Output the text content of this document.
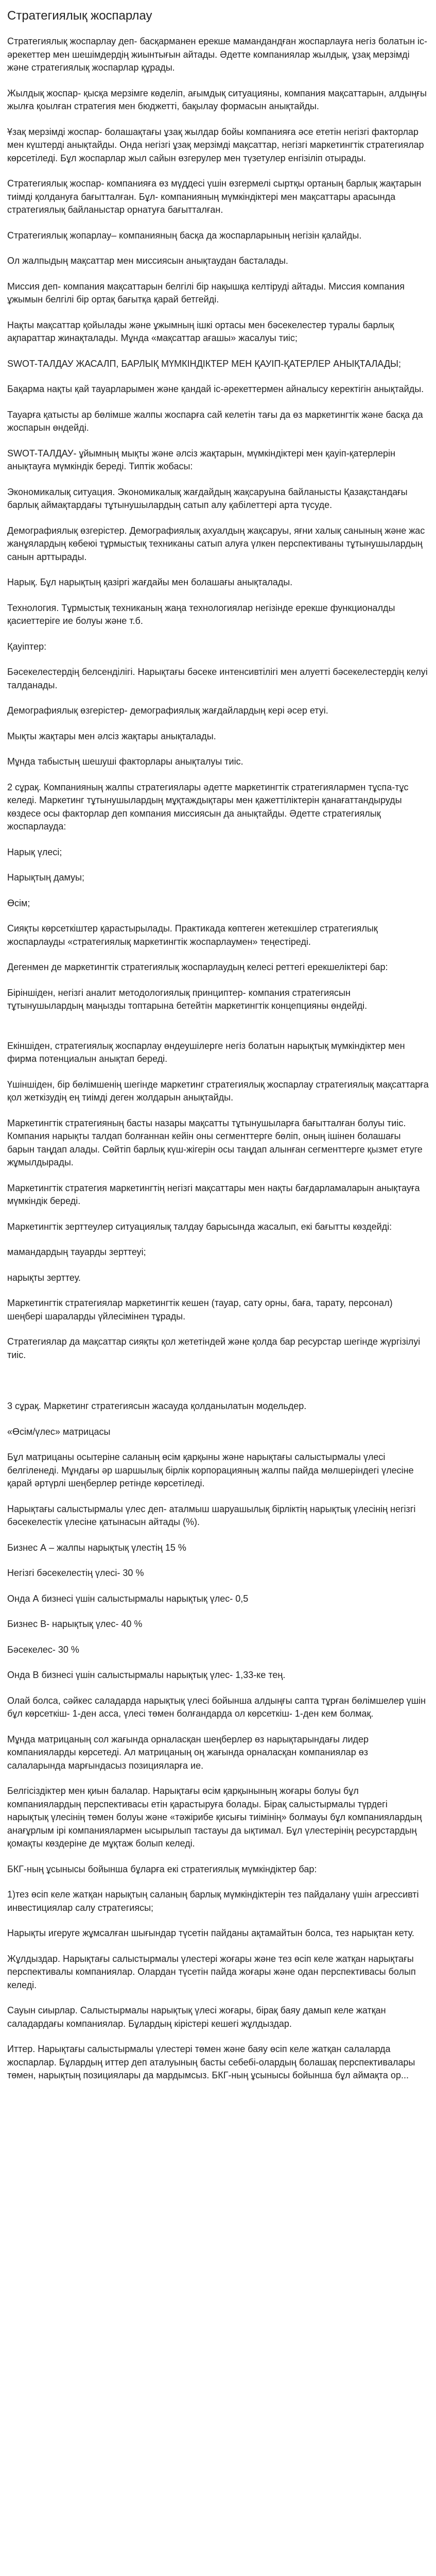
Стратегиялық жоспарлау

Стратегиялық жоспарлау деп- басқарманен ерекше мамандандған жоспарлауға негіз болатын іс-әрекеттер мен шешімдердің жиынтығын айтады. Әдетте компаниялар жылдық, ұзақ мерзімді және стратегиялық жоспарлар құрады.

Жылдық жоспар- қысқа мерзімге көделіп, ағымдық ситуацияны, компания мақсаттарын, алдыңғы жылға қоылған стратегия мен бюджеттi, бақылау формасын анықтайды.

Ұзақ мерзімді жоспар- болашақтағы ұзақ жылдар бойы компанияға әсе ететін негізгі факторлар мен күштердi анықтайды. Онда негізгі ұзақ мерзімді мақсаттар, негізгі маркетингтік стратегиялар көрсетіледі. Бұл жоспарлар жыл сайын өзгерулер мен түзетулер енгізіліп отырады.

Стратегиялық жоспар- компанияға өз мүддесі үшін өзгермелі сыртқы ортаның барлық жақтарын тиімді қолдануға бағытталған. Бұл- компанияның мүмкіндіктері мен мақсаттары арасында стратегиялық байланыстар орнатуға бағытталған.

Стратегиялық жопарлау– компанияның басқа да жоспарларының негізін қалайды.

Ол жалпыдың мақсаттар мен миссиясын анықтаудан басталады.

Миссия деп- компания мақсаттарын белгілі бір нақышқа келтірудi айтады. Миссия компания ұжымын белгілі бір ортақ бағытқа қарай бетгейді.

Нақты мақсаттар қойылады және ұжымның ішкі ортасы мен бәсекелестер туралы барлық ақпараттар жинақталады. Мұнда «мақсаттар ағашы» жасалуы тиіс;

SWOT-ТАЛДАУ ЖАСАЛП, БАРЛЫҚ МҮМКІНДІКТЕР МЕН ҚАУІП-ҚАТЕРЛЕР АНЫҚТАЛАДЫ;

Бақарма нақты қай тауарларымен және қандай іс-әрекеттермен айналысу керектігін анықтайды.

Тауарға қатысты ар бөлімше жалпы жоспарға сай келетін тағы да өз маркетингтік және басқа да жоспарын өндейді.

SWOT-ТАЛДАУ- ұйымның мықты және әлсіз жақтарын, мүмкіндіктері мен қауіп-қатерлерін анықтауға мүмкіндік береді. Типтік жобасы:

Экономикалық ситуация. Экономикалық жағдайдың жақсаруына байланысты Қазақстандағы барлық аймақтардағы тұтынушылардың сатып алу қабілеттері арта түсуде.

Демографиялық өзгерістер. Демографиялық ахуалдың жақсаруы, яғни халық санының және жас жанұялардың көбеюі тұрмыстық техниканы сатып алуға үлкен перспективаны тұтынушылардың санын арттырады.

Нарық. Бұл нарықтың қазіргі жағдайы мен болашағы анықталады.

Технология. Тұрмыстық техниканың жаңа технологиялар негізінде ерекше функционалды қасиеттеріге ие болуы және т.б.

Қауіптер:

Бәсекелестердің белсенділігі. Нарықтағы бәсеке интенсивтілігі мен алуетті бәсекелестердің келуі талданады.

Демографиялық өзгерістер- демографиялық жағдайлардың кері әсер етуі.

Мықты жақтары мен әлсіз жақтары анықталады.

Мұнда табыстың шешуші факторлары анықталуы тиіс.

2 сұрақ. Компанияның жалпы стратегиялары әдетте маркетингтік стратегиялармен тұспа-тұс келеді. Маркетинг тұтынушылардың мұқтаждықтары мен қажеттіліктерін қанағаттандыруды көздесе осы факторлар деп компания миссиясын да анықтайды. Әдетте стратегиялық жоспарлауда:

Нарық үлесі;

Нарықтың дамуы;

Өсім;

Сияқты көрсеткіштер қарастырылады. Практикада көптеген жетекшілер стратегиялық жоспарлауды «стратегиялық маркетингтік жоспарлаумен» теңестіреді.

Дегенмен де маркетингтік стратегиялық жоспарлаудың келесі реттегі ерекшеліктері бар:

Біріншіден, негізгі аналит методологиялық принциптер- компания стратегиясын тұтынушылардың маңызды топтарына бетейтін маркетингтік концепцияны өндейді.

Екіншіден, стратегиялық жоспарлау өндеушілерге негіз болатын нарықтық мүмкіндіктер мен фирма потенциалын анықтап береді.

Үшіншіден, бір бөлімшенің шегінде маркетинг стратегиялық жоспарлау стратегиялық мақсаттарға қол жеткізудің ең тиімді деген жолдарын анықтайды.

Маркетингтік стратегияның басты назары мақсатты тұтынушыларға бағытталған болуы тиіс. Компания нарықты талдап болғаннан кейін оны сегменттерге бөліп, оның ішінен болашағы барын таңдап алады. Сөйтіп барлық күш-жігерін осы таңдап алынған сегменттерге қызмет етуге жұмылдырады.

Маркетингтік стратегия маркетингтің негізгі мақсаттары мен нақты бағдарламаларын анықтауға мүмкіндік береді.

Маркетингтік зерттеулер ситуациялық талдау барысында жасалып, екі бағытты көздейді:

мамандардың тауарды зерттеуі;

нарықты зерттеу.

Маркетингтік стратегиялар маркетингтік кешен (тауар, сату орны, баға, тарату, персонал) шеңбері шараларды үйлесімінен тұрады.

Стратегиялар да мақсаттар сияқты қол жететіндей және қолда бар ресурстар шегінде жүргізілуі тиіс.

3 сұрақ. Маркетинг стратегиясын жасауда қолданылатын модельдер.

«Өсім/үлес» матрицасы

Бұл матрицаны осытерiне саланың өсім қарқыны және нарықтағы салыстырмалы үлесі белгiленеді. Мұндағы әр шаршылық бiрлiк корпорацияның жалпы пайда мөлшеріндегі үлесіне қарай әртүрлі шеңберлер ретінде көрсетіледі.

Нарықтағы салыстырмалы үлес деп- аталмыш шаруашылық бiрлiктiң нарықтық үлесiнiң негізгi бәсекелестiк үлесіне қатынасын айтады (%).

Бизнес А – жалпы нарықтық үлестің 15 %

Негізгі бәсекелестің үлесі- 30 %

Онда А бизнесі үшін салыстырмалы нарықтық үлес- 0,5

Бизнес В- нарықтық үлес- 40 %

Бәсекелес- 30 %

Онда В бизнесі үшін салыстырмалы нарықтық үлес- 1,33-ке тең.

Олай болса, сәйкес саладарда нарықтық үлесі бойынша алдыңғы сапта тұрған бөлімшелер үшін бұл көрсеткіш- 1-ден асса, үлесі төмен болғандарда ол көрсеткіш- 1-ден кем болмақ.

Мұнда матрицаның сол жағында орналасқан шеңберлер өз нарықтарындағы лидер компанияларды көрсетеді. Ал матрицаның оң жағында орналасқан компаниялар өз салаларында марғындасыз позицияларға ие.

Белгісіздіктер мен қиын балалар. Нарықтағы өсім қарқынының жоғары болуы бұл компаниялардың перспективасы етiн қарастыруға болады. Бiрақ салыстырмалы түрдегі нарықтық үлесінің төмен болуы және «тәжірибе қисығы тиімінің» болмауы бұл компаниялардың анағұрлым iрi компаниялармен ысырылып тастауы да ықтимал. Бұл үлестерiнiң ресурстардың қомақты көздерiне де мұқтаж болып келеді.

БКГ-ның ұсынысы бойынша бұларға екі стратегиялық мүмкіндіктер бар:

1)тез өсіп келе жатқан нарықтың саланың барлық мүмкіндіктерін тез пайдалану үшін агрессивті инвестициялар салу стратегиясы;

Нарықты игеруге жұмсалған шығындар түсетiн пайданы ақтамайтын болса, тез нарықтан кету.

Жұлдыздар. Нарықтағы салыстырмалы үлестерi жоғары және тез өсiп келе жатқан нарықтағы перспективалы компаниялар. Олардан түсетiн пайда жоғары және одан перспективасы болып келеді.

Сауын сиырлар. Салыстырмалы нарықтық үлесi жоғары, бiрақ баяу дамып келе жатқан саладардағы компаниялар. Бұлардың кiрiстерi кешегi жұлдыздар.

Иттер. Нарықтағы салыстырмалы үлестерi төмен және баяу өсiп келе жатқан салаларда жоспарлар. Бұлардың иттер деп аталуының басты себебi-олардың болашақ перспективалары төмен, нарықтың позициялары да мардымсыз. БКГ-ның ұсынысы бойынша бұл аймақта ор...
